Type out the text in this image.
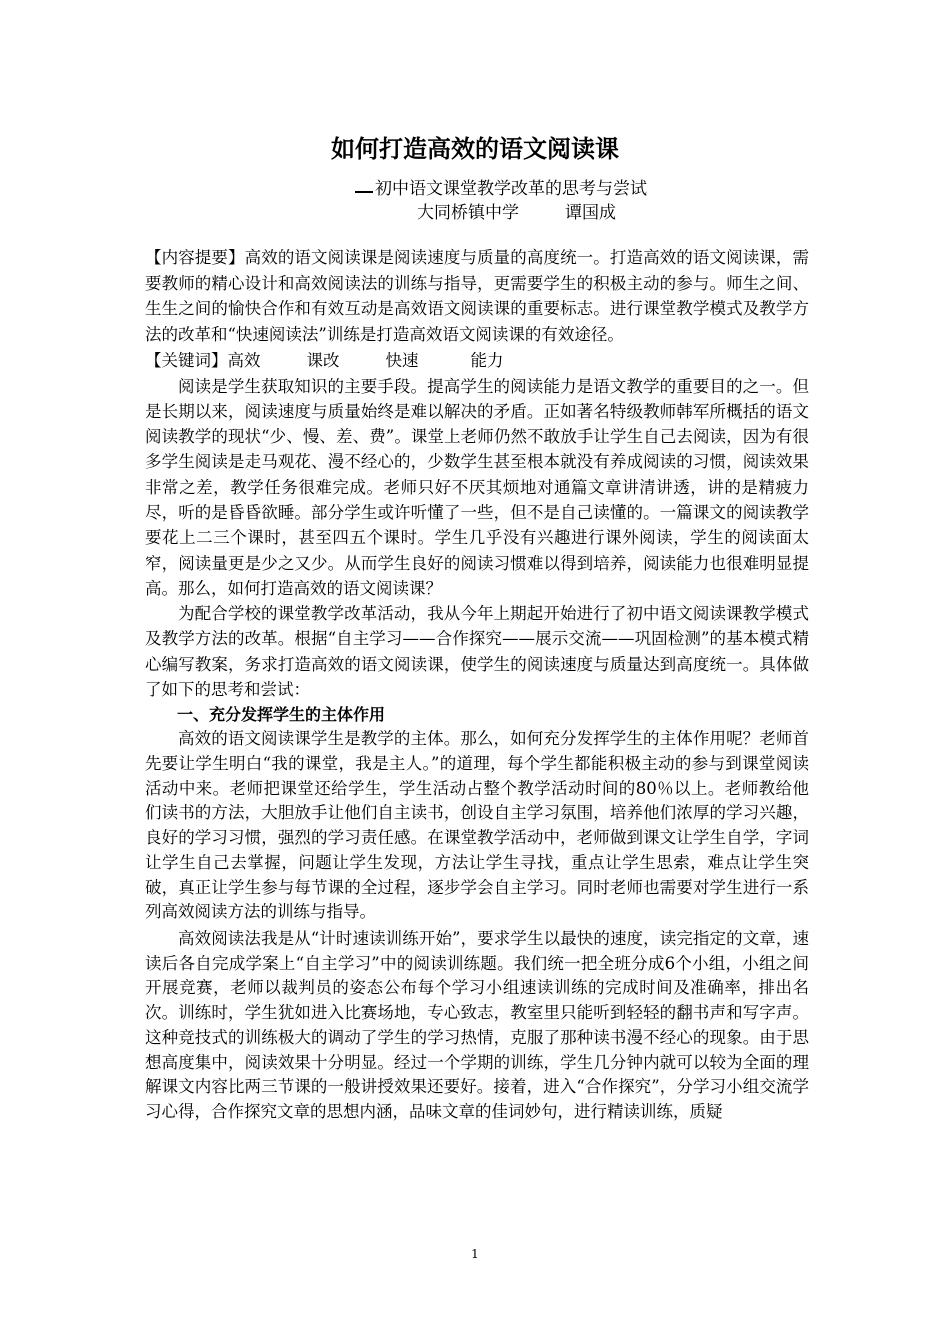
如何打造高效的语文阅读课
初中语文课堂教学改革的思考与尝试
大同桥镇中学	谭国成

【内容提要】高效的语文阅读课是阅读速度与质量的高度统一。打造高效的语文阅读课，需要教师的精心设计和高效阅读法的训练与指导，更需要学生的积极主动的参与。师生之间、生生之间的愉快合作和有效互动是高效语文阅读课的重要标志。进行课堂教学模式及教学方法的改革和“快速阅读法”训练是打造高效语文阅读课的有效途径。

【关键词】高效	课改	快速	能力

阅读是学生获取知识的主要手段。提高学生的阅读能力是语文教学的重要目的之一。但是长期以来，阅读速度与质量始终是难以解决的矛盾。正如著名特级教师韩军所概括的语文阅读教学的现状“少、慢、差、费”。课堂上老师仍然不敢放手让学生自己去阅读，因为有很多学生阅读是走马观花、漫不经心的，少数学生甚至根本就没有养成阅读的习惯，阅读效果非常之差，教学任务很难完成。老师只好不厌其烦地对通篇文章讲清讲透，讲的是精疲力尽，听的是昏昏欲睡。部分学生或许听懂了一些，但不是自己读懂的。一篇课文的阅读教学要花上二三个课时，甚至四五个课时。学生几乎没有兴趣进行课外阅读，学生的阅读面太窄，阅读量更是少之又少。从而学生良好的阅读习惯难以得到培养，阅读能力也很难明显提高。那么，如何打造高效的语文阅读课？

为配合学校的课堂教学改革活动，我从今年上期起开始进行了初中语文阅读课教学模式及教学方法的改革。根据“自主学习——合作探究——展示交流——巩固检测”的基本模式精心编写教案，务求打造高效的语文阅读课，使学生的阅读速度与质量达到高度统一。具体做了如下的思考和尝试：

一、充分发挥学生的主体作用

高效的语文阅读课学生是教学的主体。那么，如何充分发挥学生的主体作用呢？老师首先要让学生明白“我的课堂，我是主人。”的道理，每个学生都能积极主动的参与到课堂阅读活动中来。老师把课堂还给学生，学生活动占整个教学活动时间的80％以上。老师教给他们读书的方法，大胆放手让他们自主读书，创设自主学习氛围，培养他们浓厚的学习兴趣，良好的学习习惯，强烈的学习责任感。在课堂教学活动中，老师做到课文让学生自学，字词让学生自己去掌握，问题让学生发现，方法让学生寻找，重点让学生思索，难点让学生突破，真正让学生参与每节课的全过程，逐步学会自主学习。同时老师也需要对学生进行一系列高效阅读方法的训练与指导。

高效阅读法我是从“计时速读训练开始”，要求学生以最快的速度，读完指定的文章，速读后各自完成学案上“自主学习”中的阅读训练题。我们统一把全班分成6个小组，小组之间开展竞赛，老师以裁判员的姿态公布每个学习小组速读训练的完成时间及准确率，排出名次。训练时，学生犹如进入比赛场地，专心致志，教室里只能听到轻轻的翻书声和写字声。这种竞技式的训练极大的调动了学生的学习热情，克服了那种读书漫不经心的现象。由于思想高度集中，阅读效果十分明显。经过一个学期的训练，学生几分钟内就可以较为全面的理解课文内容比两三节课的一般讲授效果还要好。接着，进入“合作探究”，分学习小组交流学习心得，合作探究文章的思想内涵，品味文章的佳词妙句，进行精读训练，质疑

1
